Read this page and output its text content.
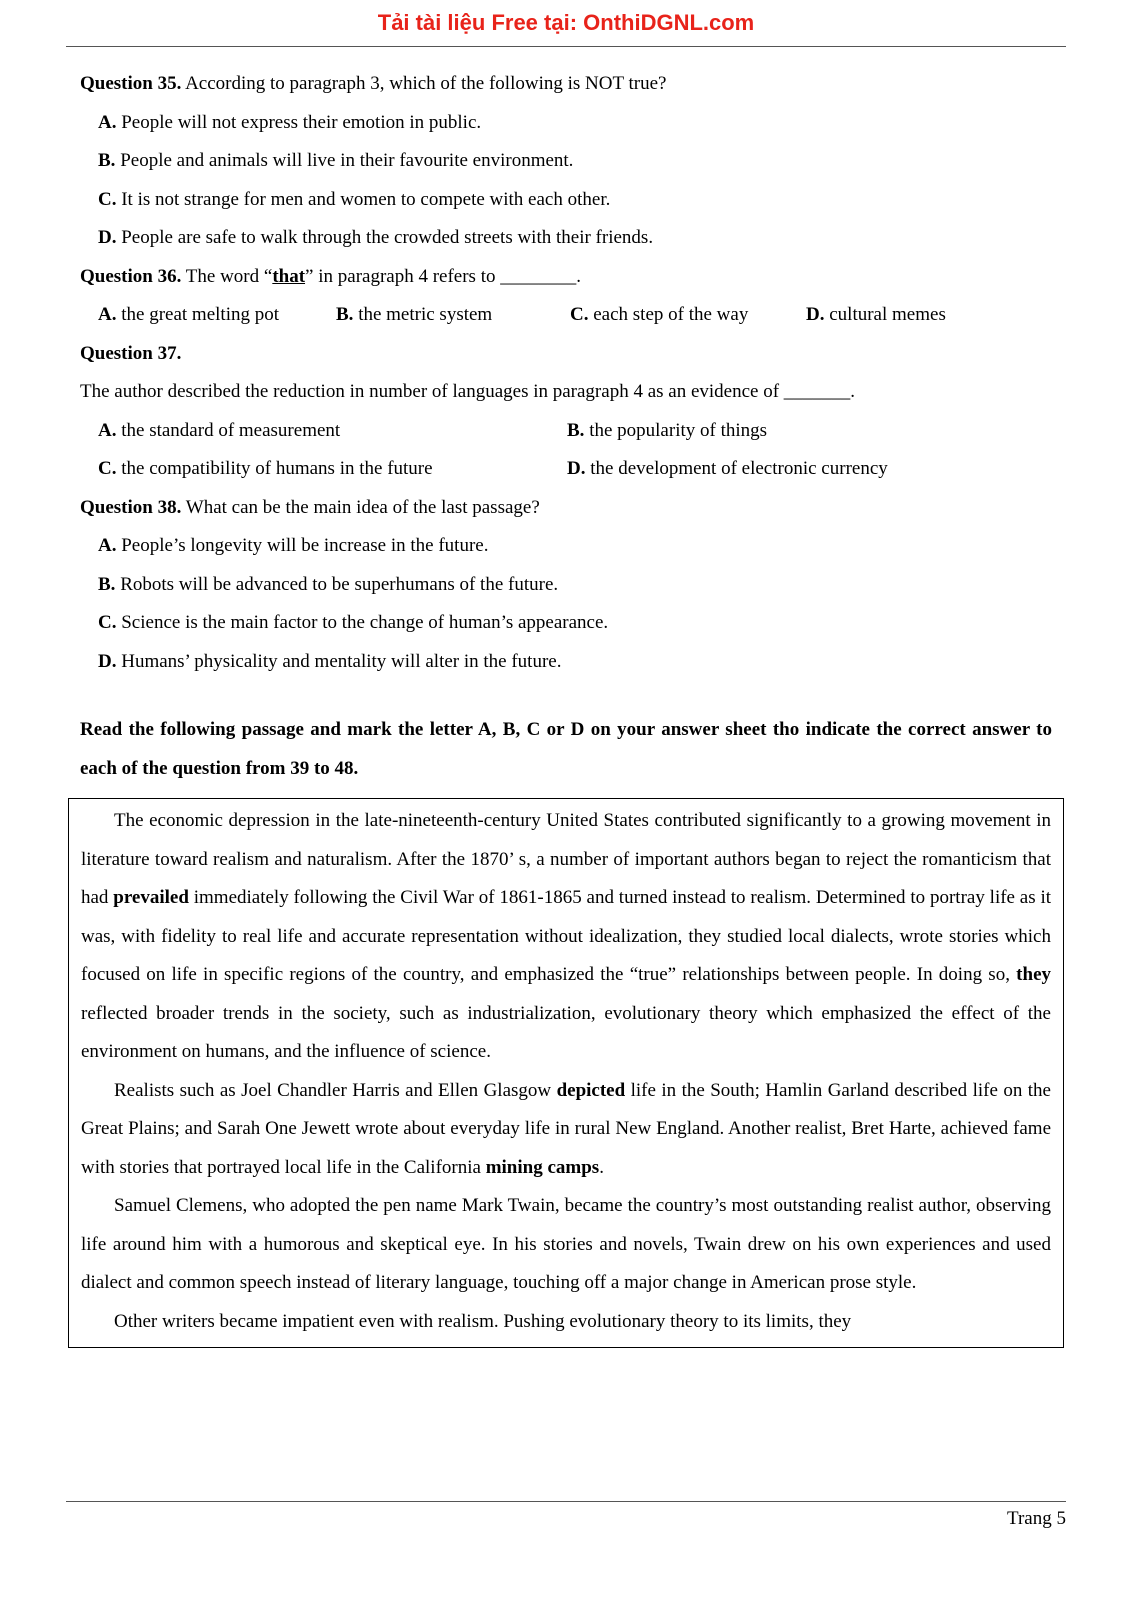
Tải tài liệu Free tại: OnthiDGNL.com

Question 35. According to paragraph 3, which of the following is NOT true?

A. People will not express their emotion in public.

B. People and animals will live in their favourite environment.

C. It is not strange for men and women to compete with each other.

D. People are safe to walk through the crowded streets with their friends.

Question 36. The word “that” in paragraph 4 refers to ________.

A. the great melting pot	B. the metric system	C. each step of the way	D. cultural memes

Question 37.

The author described the reduction in number of languages in paragraph 4 as an evidence of _______.

A. the standard of measurement	B. the popularity of things

C. the compatibility of humans in the future	D. the development of electronic currency

Question 38. What can be the main idea of the last passage?

A. People’s longevity will be increase in the future.

B. Robots will be advanced to be superhumans of the future.

C. Science is the main factor to the change of human’s appearance.

D. Humans’ physicality and mentality will alter in the future.

Read the following passage and mark the letter A, B, C or D on your answer sheet tho indicate the correct answer to each of the question from 39 to 48.

The economic depression in the late-nineteenth-century United States contributed significantly to a growing movement in literature toward realism and naturalism. After the 1870’ s, a number of important authors began to reject the romanticism that had prevailed immediately following the Civil War of 1861-1865 and turned instead to realism. Determined to portray life as it was, with fidelity to real life and accurate representation without idealization, they studied local dialects, wrote stories which focused on life in specific regions of the country, and emphasized the “true” relationships between people. In doing so, they reflected broader trends in the society, such as industrialization, evolutionary theory which emphasized the effect of the environment on humans, and the influence of science.

Realists such as Joel Chandler Harris and Ellen Glasgow depicted life in the South; Hamlin Garland described life on the Great Plains; and Sarah One Jewett wrote about everyday life in rural New England. Another realist, Bret Harte, achieved fame with stories that portrayed local life in the California mining camps.

Samuel Clemens, who adopted the pen name Mark Twain, became the country’s most outstanding realist author, observing life around him with a humorous and skeptical eye. In his stories and novels, Twain drew on his own experiences and used dialect and common speech instead of literary language, touching off a major change in American prose style.

Other writers became impatient even with realism. Pushing evolutionary theory to its limits, they

Trang 5
